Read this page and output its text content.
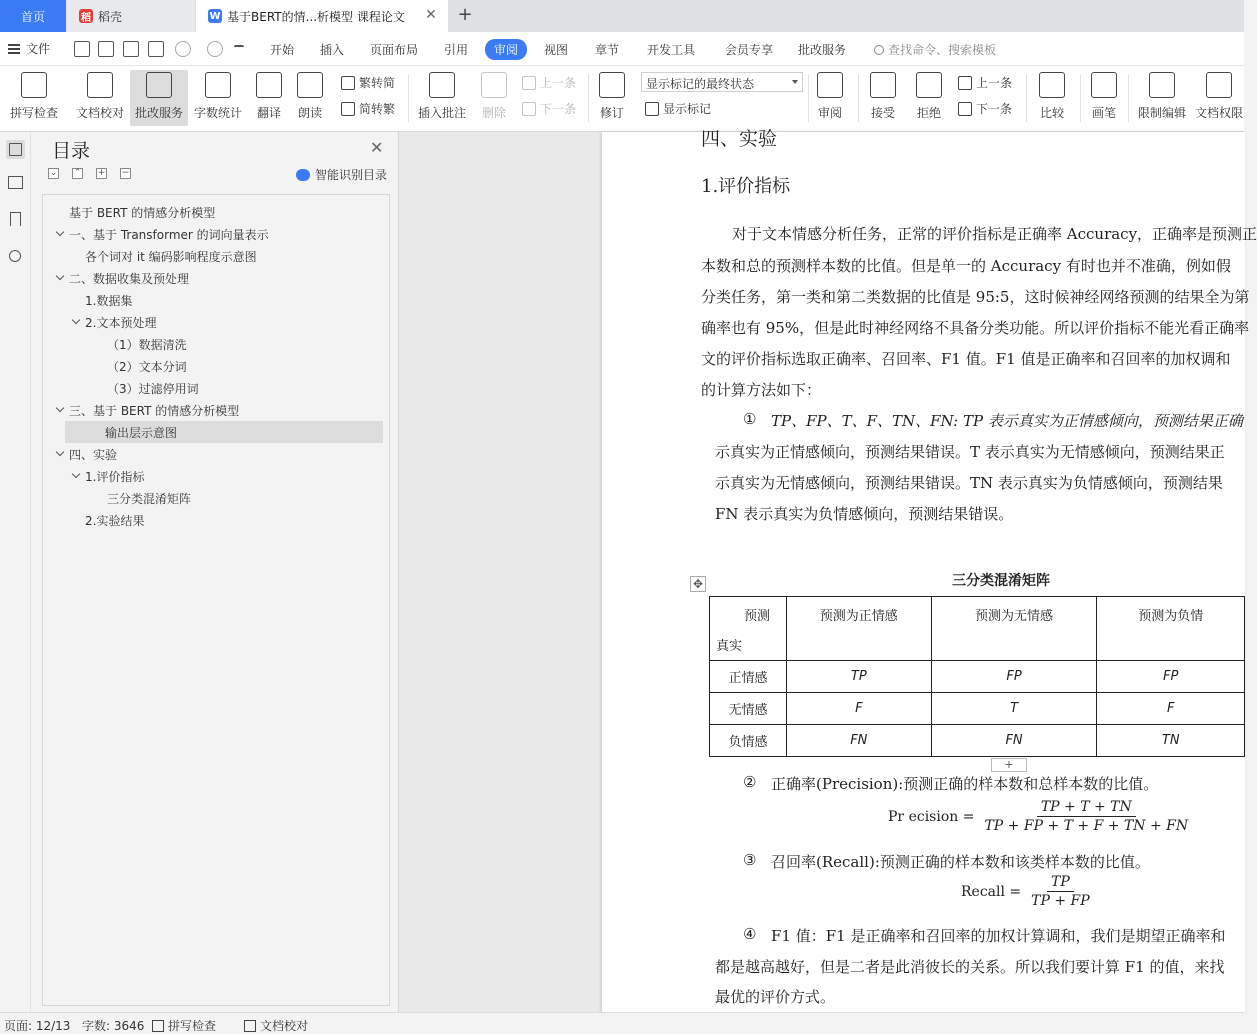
首页	稻 稻壳	W 基于BERT的情...析模型 课程论文 ✕ +
文件	开始 插入 页面布局 引用	审阅	视图 章节 开发工具 会员专享 批改服务	查找命令、搜索模板
拼写检查 文档校对 批改服务 字数统计 翻译 朗读
繁转简
简转繁 插入批注 删除
上一条
下一条 修订
显示标记的最终状态
显示标记	审阅 接受 拒绝
上一条
下一条 比较 画笔 限制编辑 文档权限
目录	✕
⌄ ⌃ + −	智能识别目录
基于 BERT 的情感分析模型
一、基于 Transformer 的词向量表示
各个词对 it 编码影响程度示意图
二、数据收集及预处理
1.数据集
2.文本预处理
（1）数据清洗
（2）文本分词
（3）过滤停用词
三、基于 BERT 的情感分析模型
输出层示意图
四、实验
1.评价指标
三分类混淆矩阵
2.实验结果
四、实验
1.评价指标
对于文本情感分析任务，正常的评价指标是正确率 Accuracy，正确率是预测正
本数和总的预测样本数的比值。但是单一的 Accuracy 有时也并不准确，例如假
分类任务，第一类和第二类数据的比值是 95:5，这时候神经网络预测的结果全为第
确率也有 95%，但是此时神经网络不具备分类功能。所以评价指标不能光看正确率
文的评价指标选取正确率、召回率、F1 值。F1 值是正确率和召回率的加权调和
的计算方法如下：
① TP、FP、T、F、TN、FN: TP 表示真实为正情感倾向，预测结果正确
示真实为正情感倾向，预测结果错误。T 表示真实为无情感倾向，预测结果正
示真实为无情感倾向，预测结果错误。TN 表示真实为负情感倾向，预测结果
FN 表示真实为负情感倾向，预测结果错误。
✥	三分类混淆矩阵
预测
真实	预测为正情感	预测为无情感	预测为负情
正情感	TP	FP	FP
无情感	F	T	F
负情感	FN	FN	TN
+
② 正确率(Precision):预测正确的样本数和总样本数的比值。
Pr ecision = $\frac{TP + T + TN}{TP + FP + T + F + TN + FN}$
③ 召回率(Recall):预测正确的样本数和该类样本数的比值。
Recall = $\frac{TP}{TP + FP}$
④ F1 值：F1 是正确率和召回率的加权计算调和，我们是期望正确率和
都是越高越好，但是二者是此消彼长的关系。所以我们要计算 F1 的值，来找
最优的评价方式。
页面: 12/13 字数: 3646 拼写检查	文档校对
